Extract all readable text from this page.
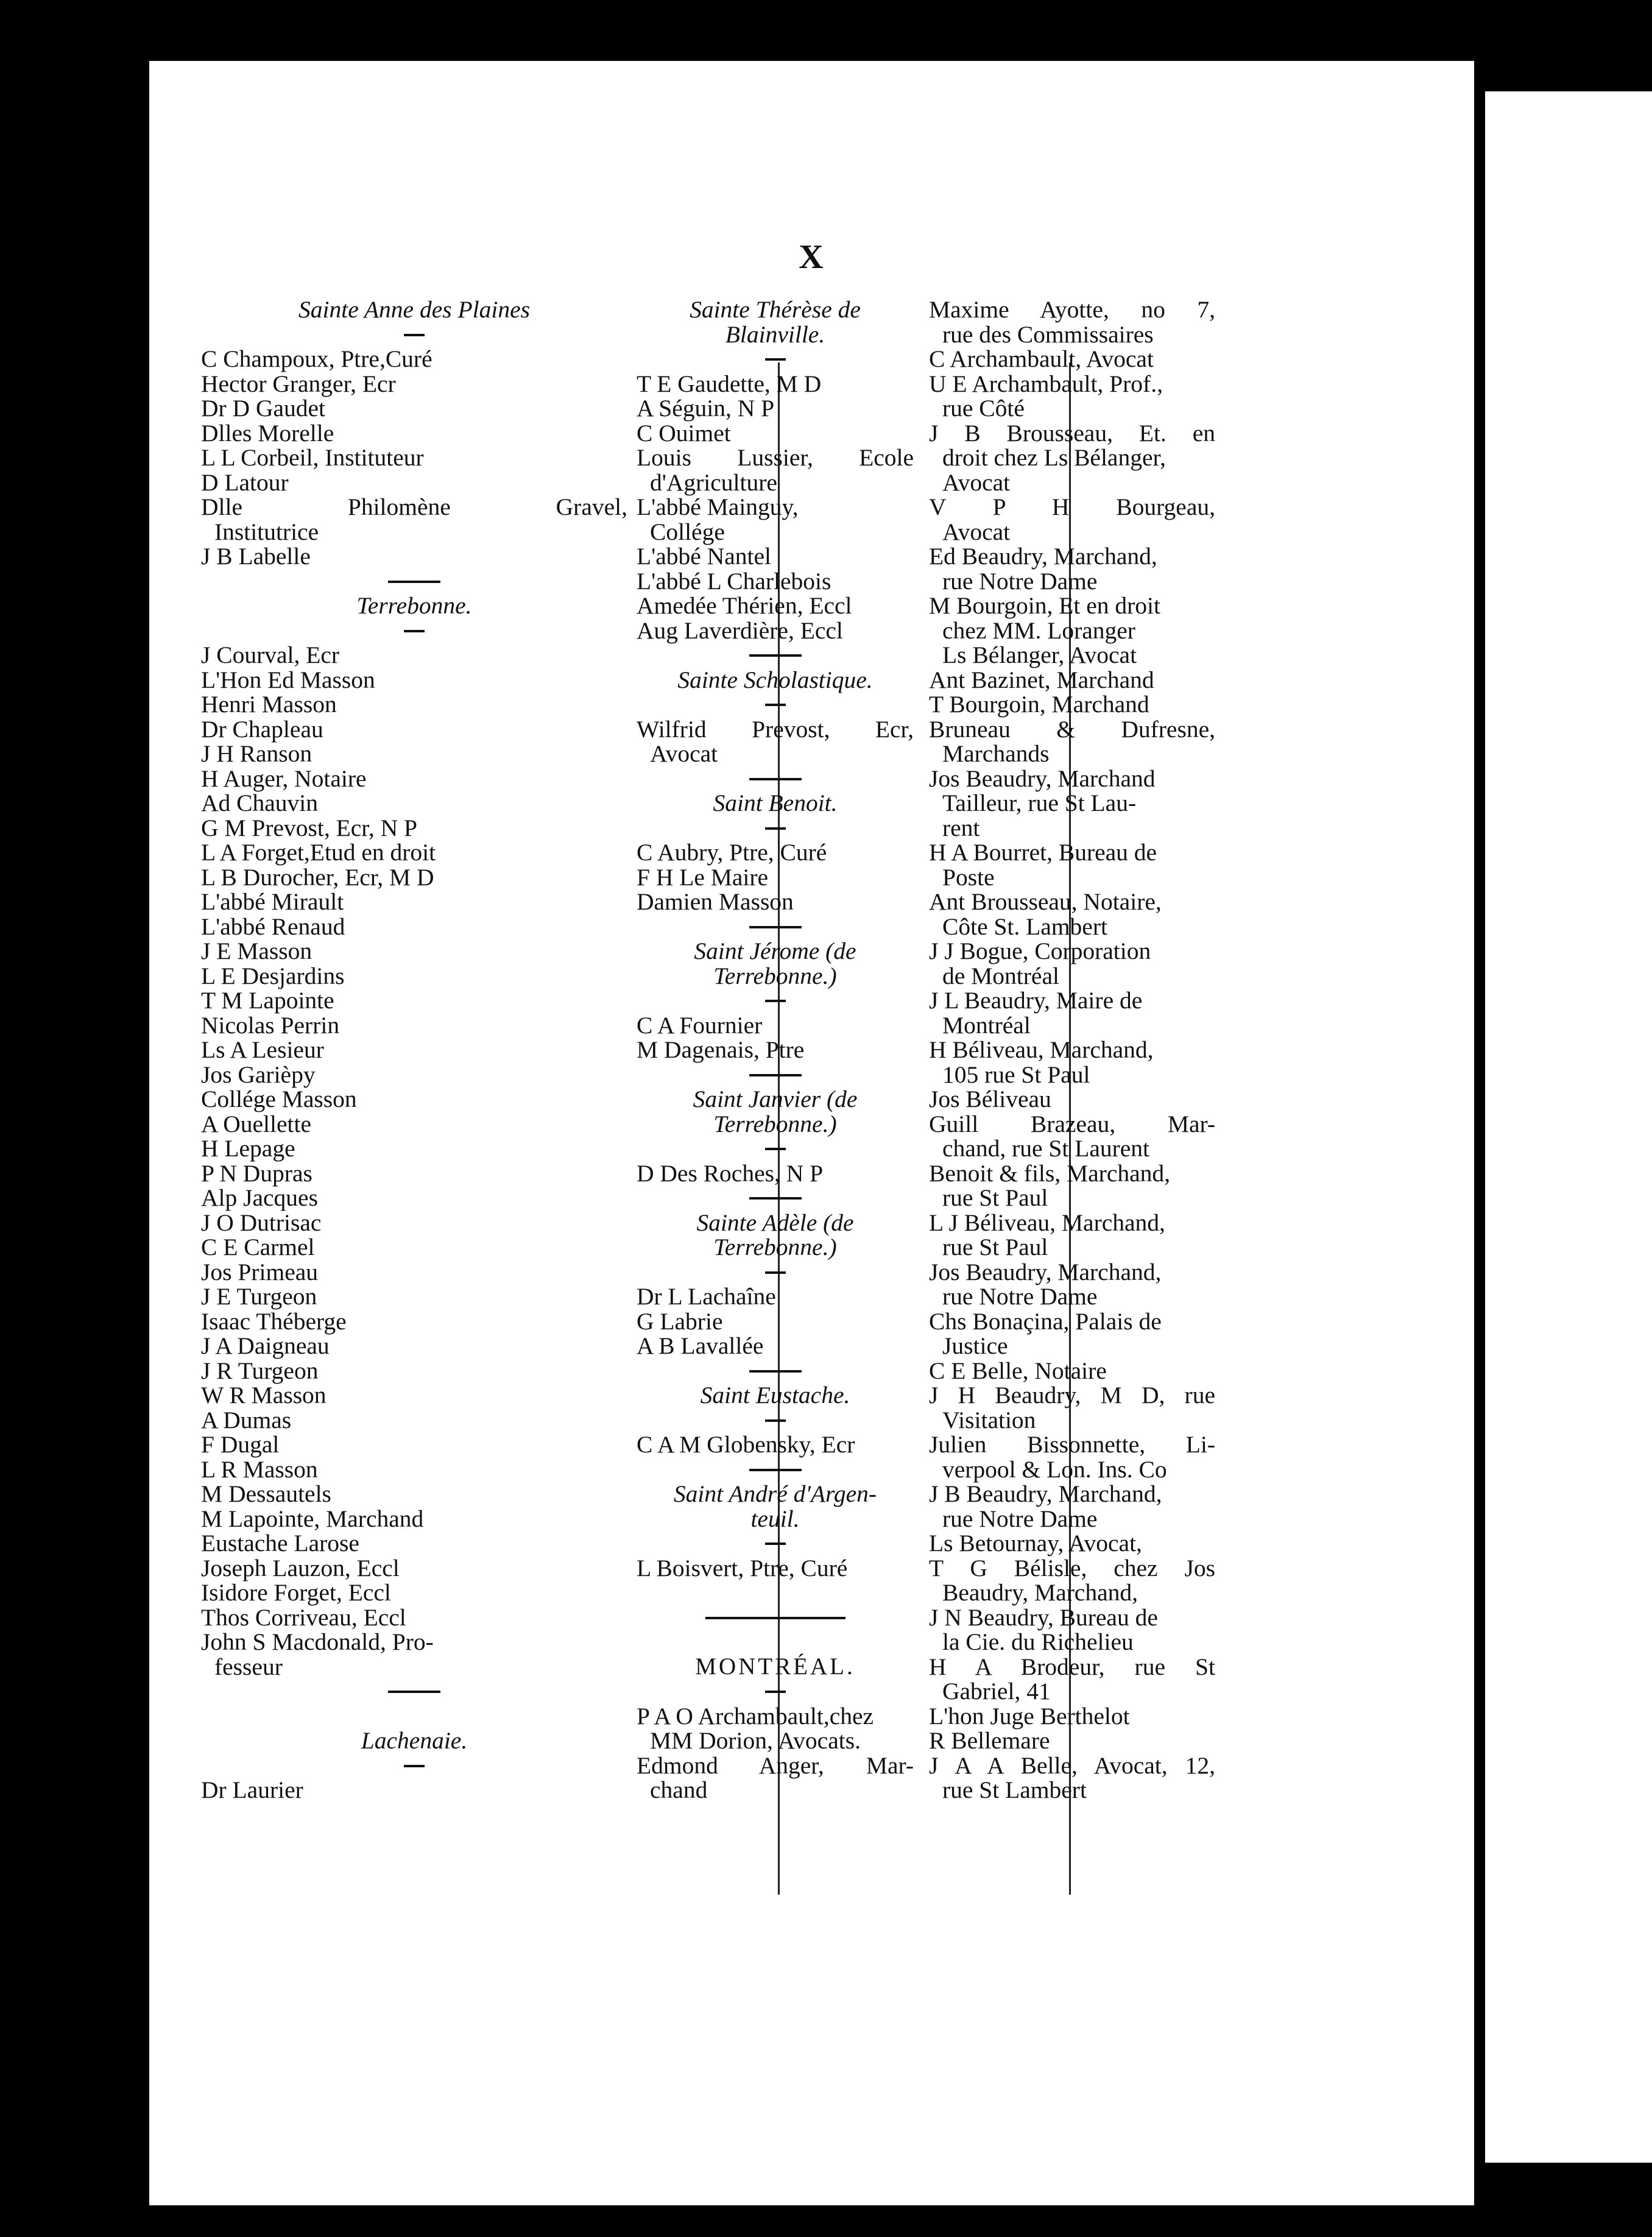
X
Sainte Anne des Plaines
C Champoux, Ptre,Curé
Hector Granger, Ecr
Dr D Gaudet
Dlles Morelle
L L Corbeil, Instituteur
D Latour
Dlle Philomène Gravel,
Institutrice
J B Labelle
Terrebonne.
J Courval, Ecr
L'Hon Ed Masson
Henri Masson
Dr Chapleau
J H Ranson
H Auger, Notaire
Ad Chauvin
G M Prevost, Ecr, N P
L A Forget,Etud en droit
L B Durocher, Ecr, M D
L'abbé Mirault
L'abbé Renaud
J E Masson
L E Desjardins
T M Lapointe
Nicolas Perrin
Ls A Lesieur
Jos Garièpy
Collége Masson
A Ouellette
H Lepage
P N Dupras
Alp Jacques
J O Dutrisac
C E Carmel
Jos Primeau
J E Turgeon
Isaac Théberge
J A Daigneau
J R Turgeon
W R Masson
A Dumas
F Dugal
L R Masson
M Dessautels
M Lapointe, Marchand
Eustache Larose
Joseph Lauzon, Eccl
Isidore Forget, Eccl
Thos Corriveau, Eccl
John S Macdonald, Pro-
fesseur
Lachenaie.
Dr Laurier
Sainte Thérèse de
Blainville.
T E Gaudette, M D
A Séguin, N P
C Ouimet
Louis Lussier, Ecole
d'Agriculture
L'abbé Mainguy,
Collége
L'abbé Nantel
L'abbé L Charlebois
Amedée Thérien, Eccl
Aug Laverdière, Eccl
Sainte Scholastique.
Wilfrid Prevost, Ecr,
Avocat
Saint Benoit.
C Aubry, Ptre, Curé
F H Le Maire
Damien Masson
Saint Jérome (de
Terrebonne.)
C A Fournier
M Dagenais, Ptre
Saint Janvier (de
Terrebonne.)
D Des Roches, N P
Sainte Adèle (de
Terrebonne.)
Dr L Lachaîne
G Labrie
A B Lavallée
Saint Eustache.
C A M Globensky, Ecr
Saint André d'Argen-
teuil.
L Boisvert, Ptre, Curé
MONTRÉAL.
P A O Archambault,chez
MM Dorion, Avocats.
Edmond Anger, Mar-
chand
Maxime Ayotte, no 7,
rue des Commissaires
C Archambault, Avocat
U E Archambault, Prof.,
rue Côté
J B Brousseau, Et. en
droit chez Ls Bélanger,
Avocat
V P H Bourgeau,
Avocat
Ed Beaudry, Marchand,
rue Notre Dame
M Bourgoin, Et en droit
chez MM. Loranger
Ls Bélanger, Avocat
Ant Bazinet, Marchand
T Bourgoin, Marchand
Bruneau & Dufresne,
Marchands
Jos Beaudry, Marchand
Tailleur, rue St Lau-
rent
H A Bourret, Bureau de
Poste
Ant Brousseau, Notaire,
Côte St. Lambert
J J Bogue, Corporation
de Montréal
J L Beaudry, Maire de
Montréal
H Béliveau, Marchand,
105 rue St Paul
Jos Béliveau
Guill Brazeau, Mar-
chand, rue St Laurent
Benoit & fils, Marchand,
rue St Paul
L J Béliveau, Marchand,
rue St Paul
Jos Beaudry, Marchand,
rue Notre Dame
Chs Bonaçina, Palais de
Justice
C E Belle, Notaire
J H Beaudry, M D, rue
Visitation
Julien Bissonnette, Li-
verpool & Lon. Ins. Co
J B Beaudry, Marchand,
rue Notre Dame
Ls Betournay, Avocat,
T G Bélisle, chez Jos
Beaudry, Marchand,
J N Beaudry, Bureau de
la Cie. du Richelieu
H A Brodeur, rue St
Gabriel, 41
L'hon Juge Berthelot
R Bellemare
J A A Belle, Avocat, 12,
rue St Lambert
